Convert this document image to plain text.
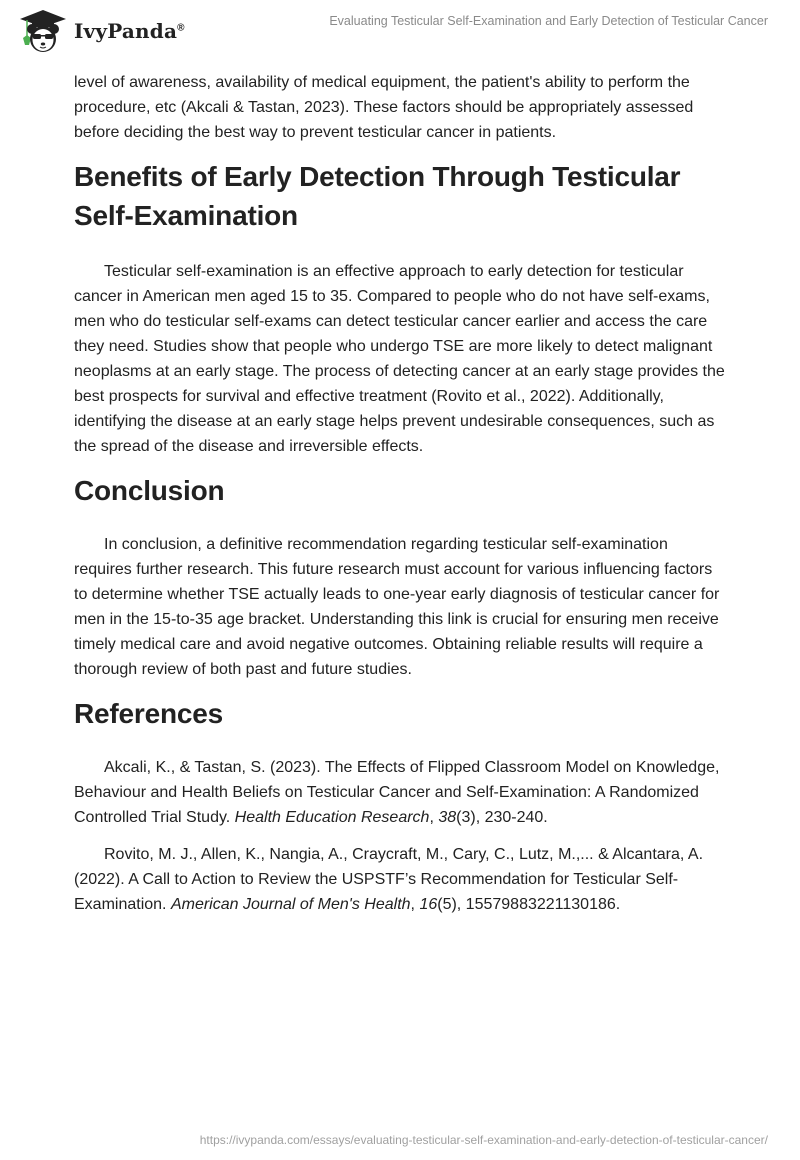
IvyPanda®	Evaluating Testicular Self-Examination and Early Detection of Testicular Cancer

level of awareness, availability of medical equipment, the patient's ability to perform the procedure, etc (Akcali & Tastan, 2023). These factors should be appropriately assessed before deciding the best way to prevent testicular cancer in patients.

Benefits of Early Detection Through Testicular Self-Examination

Testicular self-examination is an effective approach to early detection for testicular cancer in American men aged 15 to 35. Compared to people who do not have self-exams, men who do testicular self-exams can detect testicular cancer earlier and access the care they need. Studies show that people who undergo TSE are more likely to detect malignant neoplasms at an early stage. The process of detecting cancer at an early stage provides the best prospects for survival and effective treatment (Rovito et al., 2022). Additionally, identifying the disease at an early stage helps prevent undesirable consequences, such as the spread of the disease and irreversible effects.

Conclusion

In conclusion, a definitive recommendation regarding testicular self-examination requires further research. This future research must account for various influencing factors to determine whether TSE actually leads to one-year early diagnosis of testicular cancer for men in the 15-to-35 age bracket. Understanding this link is crucial for ensuring men receive timely medical care and avoid negative outcomes. Obtaining reliable results will require a thorough review of both past and future studies.

References

Akcali, K., & Tastan, S. (2023). The Effects of Flipped Classroom Model on Knowledge, Behaviour and Health Beliefs on Testicular Cancer and Self-Examination: A Randomized Controlled Trial Study. Health Education Research, 38(3), 230-240.

Rovito, M. J., Allen, K., Nangia, A., Craycraft, M., Cary, C., Lutz, M.,... & Alcantara, A. (2022). A Call to Action to Review the USPSTF’s Recommendation for Testicular Self-Examination. American Journal of Men's Health, 16(5), 15579883221130186.

https://ivypanda.com/essays/evaluating-testicular-self-examination-and-early-detection-of-testicular-cancer/
